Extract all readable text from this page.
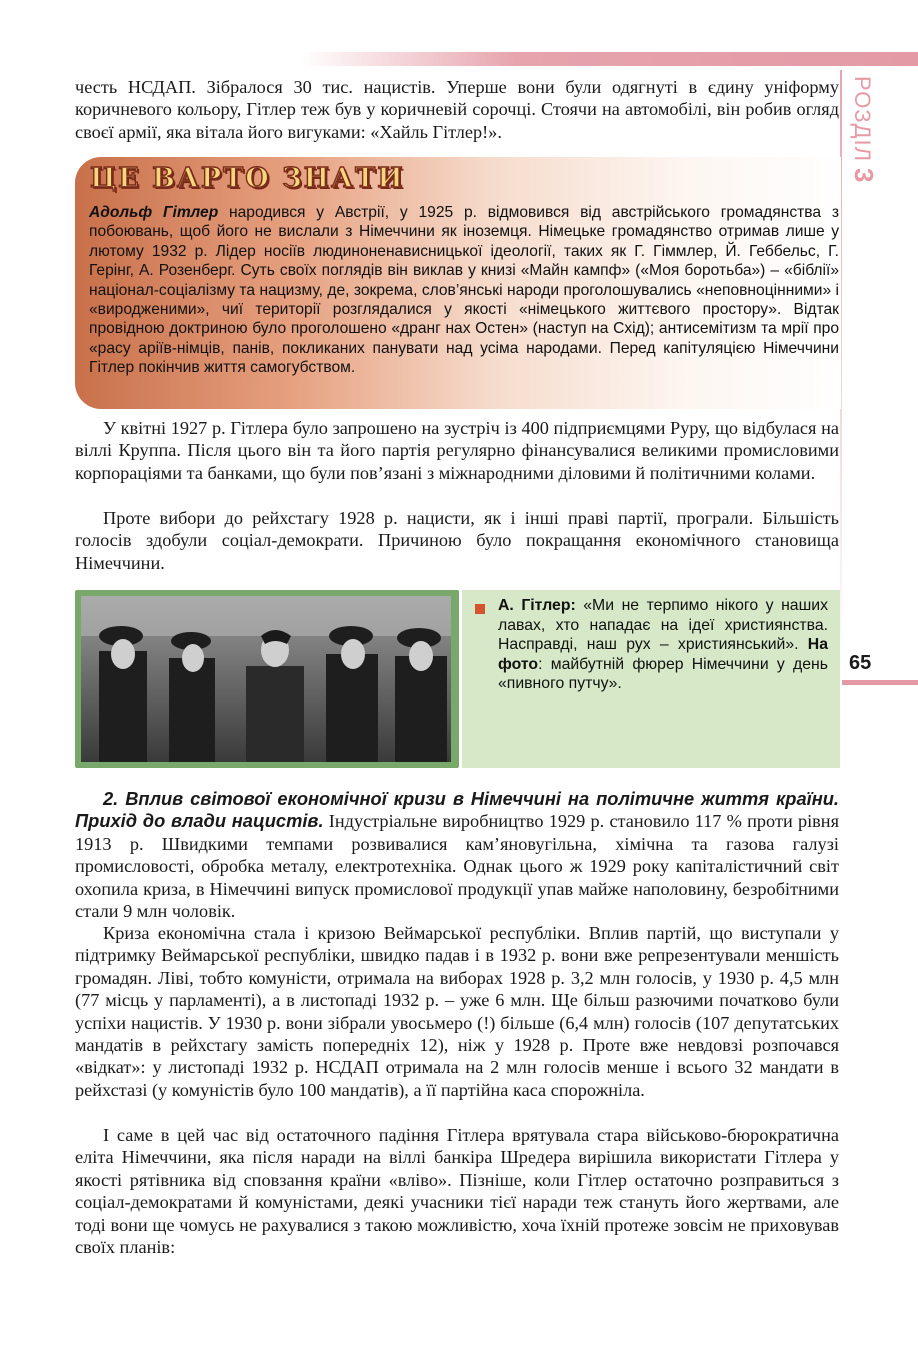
РОЗДІЛ3
65

честь НСДАП. Зібралося 30 тис. нацистів. Уперше вони були одягнуті в єдину уніформу коричневого кольору, Гітлер теж був у коричневій сорочці. Стоячи на автомобілі, він робив огляд своєї армії, яка вітала його вигуками: «Хайль Гітлер!».

ЦЕ ВАРТО ЗНАТИ

Адольф Гітлер народився у Австрії, у 1925 р. відмовився від австрійського громадянства з побоювань, щоб його не вислали з Німеччини як іноземця. Німецьке громадянство отримав лише у лютому 1932 р. Лідер носіїв людиноненависницької ідеології, таких як Г. Гіммлер, Й. Геббельс, Г. Герінг, А. Розенберг. Суть своїх поглядів він виклав у книзі «Майн кампф» («Моя боротьба») – «біблії» націонал-соціалізму та нацизму, де, зокрема, слов’янські народи проголошувались «неповноцінними» і «виродженими», чиї території розглядалися у якості «німецького життєвого простору». Відтак провідною доктриною було проголошено «дранг нах Остен» (наступ на Схід); антисемітизм та мрії про «расу аріїв-німців, панів, покликаних панувати над усіма народами. Перед капітуляцією Німеччини Гітлер покінчив життя самогубством.

У квітні 1927 р. Гітлера було запрошено на зустріч із 400 підприємцями Руру, що відбулася на віллі Круппа. Після цього він та його партія регулярно фінансувалися великими промисловими корпораціями та банками, що були пов’язані з міжнародними діловими й політичними колами.

Проте вибори до рейхстагу 1928 р. нацисти, як і інші праві партії, програли. Більшість голосів здобули соціал-демократи. Причиною було покращання економічного становища Німеччини.

А. Гітлер: «Ми не терпимо нікого у наших лавах, хто нападає на ідеї християнства. Насправді, наш рух – християнський». На фото: майбутній фюрер Німеччини у день «пивного путчу».

2. Вплив світової економічної кризи в Німеччині на політичне життя країни. Прихід до влади нацистів. Індустріальне виробництво 1929 р. становило 117 % проти рівня 1913 р. Швидкими темпами розвивалися кам’яновугільна, хімічна та газова галузі промисловості, обробка металу, електротехніка. Однак цього ж 1929 року капіталістичний світ охопила криза, в Німеччині випуск промислової продукції упав майже наполовину, безробітними стали 9 млн чоловік.

Криза економічна стала і кризою Веймарської республіки. Вплив партій, що виступали у підтримку Веймарської республіки, швидко падав і в 1932 р. вони вже репрезентували меншість громадян. Ліві, тобто комуністи, отримала на виборах 1928 р. 3,2 млн голосів, у 1930 р. 4,5 млн (77 місць у парламенті), а в листопаді 1932 р. – уже 6 млн. Ще більш разючими початково були успіхи нацистів. У 1930 р. вони зібрали увосьмеро (!) більше (6,4 млн) голосів (107 депутатських мандатів в рейхстагу замість попередніх 12), ніж у 1928 р. Проте вже невдовзі розпочався «відкат»: у листопаді 1932 р. НСДАП отримала на 2 млн голосів менше і всього 32 мандати в рейхстазі (у комуністів було 100 мандатів), а її партійна каса спорожніла.

І саме в цей час від остаточного падіння Гітлера врятувала стара військово-бюрократична еліта Німеччини, яка після наради на віллі банкіра Шредера вирішила використати Гітлера у якості рятівника від сповзання країни «вліво». Пізніше, коли Гітлер остаточно розправиться з соціал-демократами й комуністами, деякі учасники тієї наради теж стануть його жертвами, але тоді вони ще чомусь не рахувалися з такою можливістю, хоча їхній протеже зовсім не приховував своїх планів:
